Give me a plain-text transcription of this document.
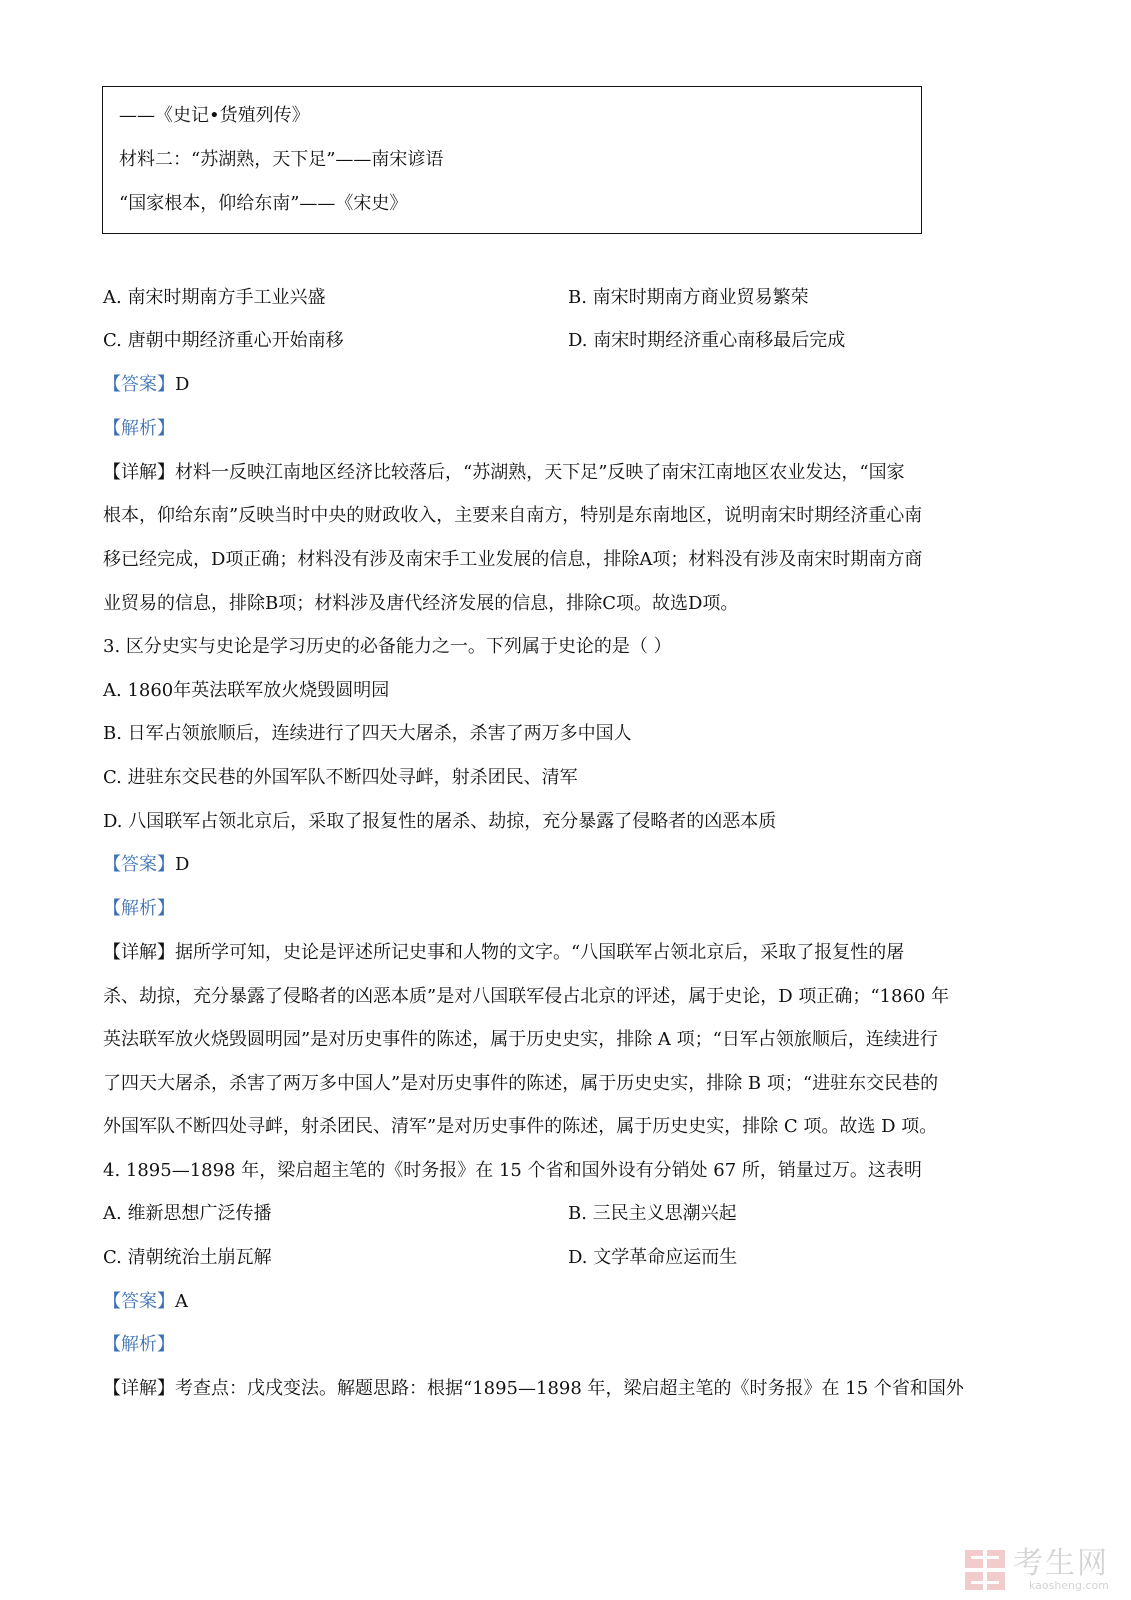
——《史记•货殖列传》
材料二：“苏湖熟，天下足”——南宋谚语
“国家根本，仰给东南”——《宋史》
A. 南宋时期南方手工业兴盛	B. 南宋时期南方商业贸易繁荣
C. 唐朝中期经济重心开始南移	D. 南宋时期经济重心南移最后完成
【答案】D
【解析】
【详解】材料一反映江南地区经济比较落后，“苏湖熟，天下足”反映了南宋江南地区农业发达，“国家
根本，仰给东南”反映当时中央的财政收入，主要来自南方，特别是东南地区，说明南宋时期经济重心南
移已经完成，D项正确；材料没有涉及南宋手工业发展的信息，排除A项；材料没有涉及南宋时期南方商
业贸易的信息，排除B项；材料涉及唐代经济发展的信息，排除C项。故选D项。
3. 区分史实与史论是学习历史的必备能力之一。下列属于史论的是（ ）
A. 1860年英法联军放火烧毁圆明园
B. 日军占领旅顺后，连续进行了四天大屠杀，杀害了两万多中国人
C. 进驻东交民巷的外国军队不断四处寻衅，射杀团民、清军
D. 八国联军占领北京后，采取了报复性的屠杀、劫掠，充分暴露了侵略者的凶恶本质
【答案】D
【解析】
【详解】据所学可知，史论是评述所记史事和人物的文字。“八国联军占领北京后，采取了报复性的屠
杀、劫掠，充分暴露了侵略者的凶恶本质”是对八国联军侵占北京的评述，属于史论，D 项正确；“1860 年
英法联军放火烧毁圆明园”是对历史事件的陈述，属于历史史实，排除 A 项；“日军占领旅顺后，连续进行
了四天大屠杀，杀害了两万多中国人”是对历史事件的陈述，属于历史史实，排除 B 项；“进驻东交民巷的
外国军队不断四处寻衅，射杀团民、清军”是对历史事件的陈述，属于历史史实，排除 C 项。故选 D 项。
4. 1895—1898 年，梁启超主笔的《时务报》在 15 个省和国外设有分销处 67 所，销量过万。这表明
A. 维新思想广泛传播	B. 三民主义思潮兴起
C. 清朝统治土崩瓦解	D. 文学革命应运而生
【答案】A
【解析】
【详解】考查点：戊戌变法。解题思路：根据“1895—1898 年，梁启超主笔的《时务报》在 15 个省和国外
考生网
kaosheng.com
